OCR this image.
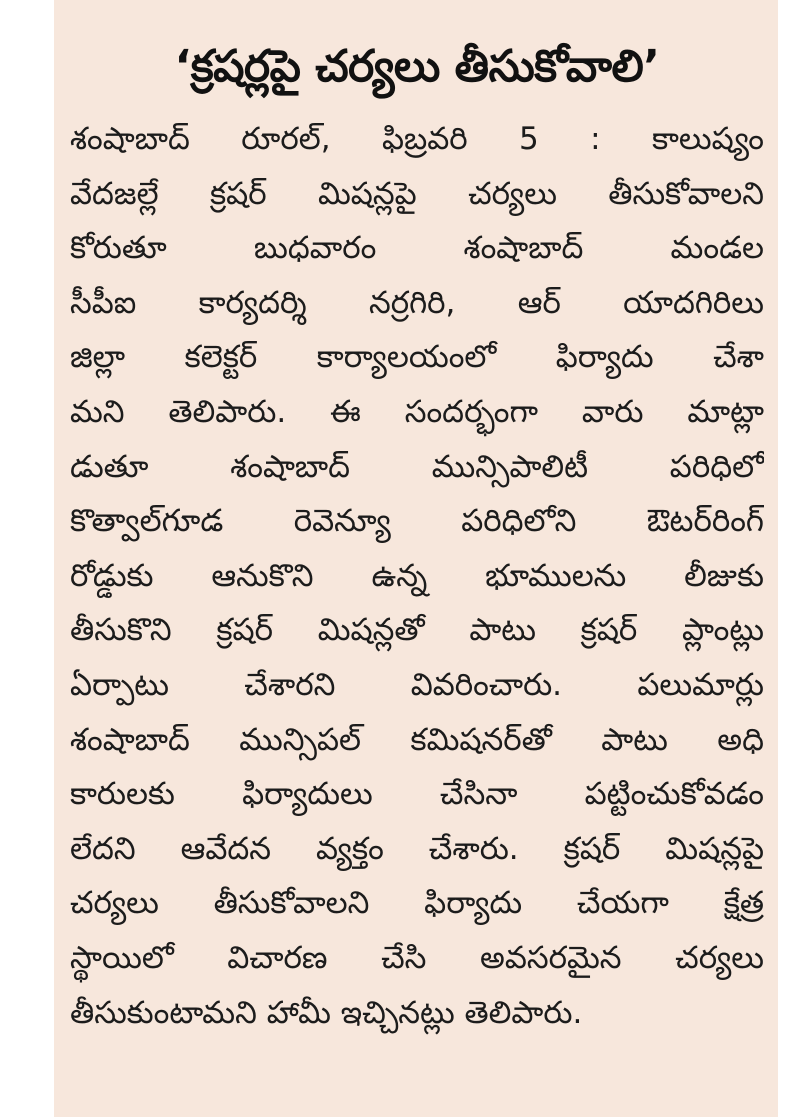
‘క్రషర్లపై చర్యలు తీసుకోవాలి’
శంషాబాద్ రూరల్, ఫిబ్రవరి 5 : కాలుష్యం
వేదజల్లే క్రషర్ మిషన్లపై చర్యలు తీసుకోవాలని
కోరుతూ బుధవారం శంషాబాద్ మండల
సీపీఐ కార్యదర్శి నర్రగిరి, ఆర్ యాదగిరిలు
జిల్లా కలెక్టర్ కార్యాలయంలో ఫిర్యాదు చేశా
మని తెలిపారు. ఈ సందర్భంగా వారు మాట్లా
డుతూ శంషాబాద్ మున్సిపాలిటీ పరిధిలో
కొత్వాల్‌గూడ రెవెన్యూ పరిధిలోని ఔటర్‌రింగ్
రోడ్డుకు ఆనుకొని ఉన్న భూములను లీజుకు
తీసుకొని క్రషర్ మిషన్లతో పాటు క్రషర్ ప్లాంట్లు
ఏర్పాటు చేశారని వివరించారు. పలుమార్లు
శంషాబాద్ మున్సిపల్ కమిషనర్‌తో పాటు అధి
కారులకు ఫిర్యాదులు చేసినా పట్టించుకోవడం
లేదని ఆవేదన వ్యక్తం చేశారు. క్రషర్ మిషన్లపై
చర్యలు తీసుకోవాలని ఫిర్యాదు చేయగా క్షేత్ర
స్థాయిలో విచారణ చేసి అవసరమైన చర్యలు
తీసుకుంటామని హామీ ఇచ్చినట్లు తెలిపారు.
